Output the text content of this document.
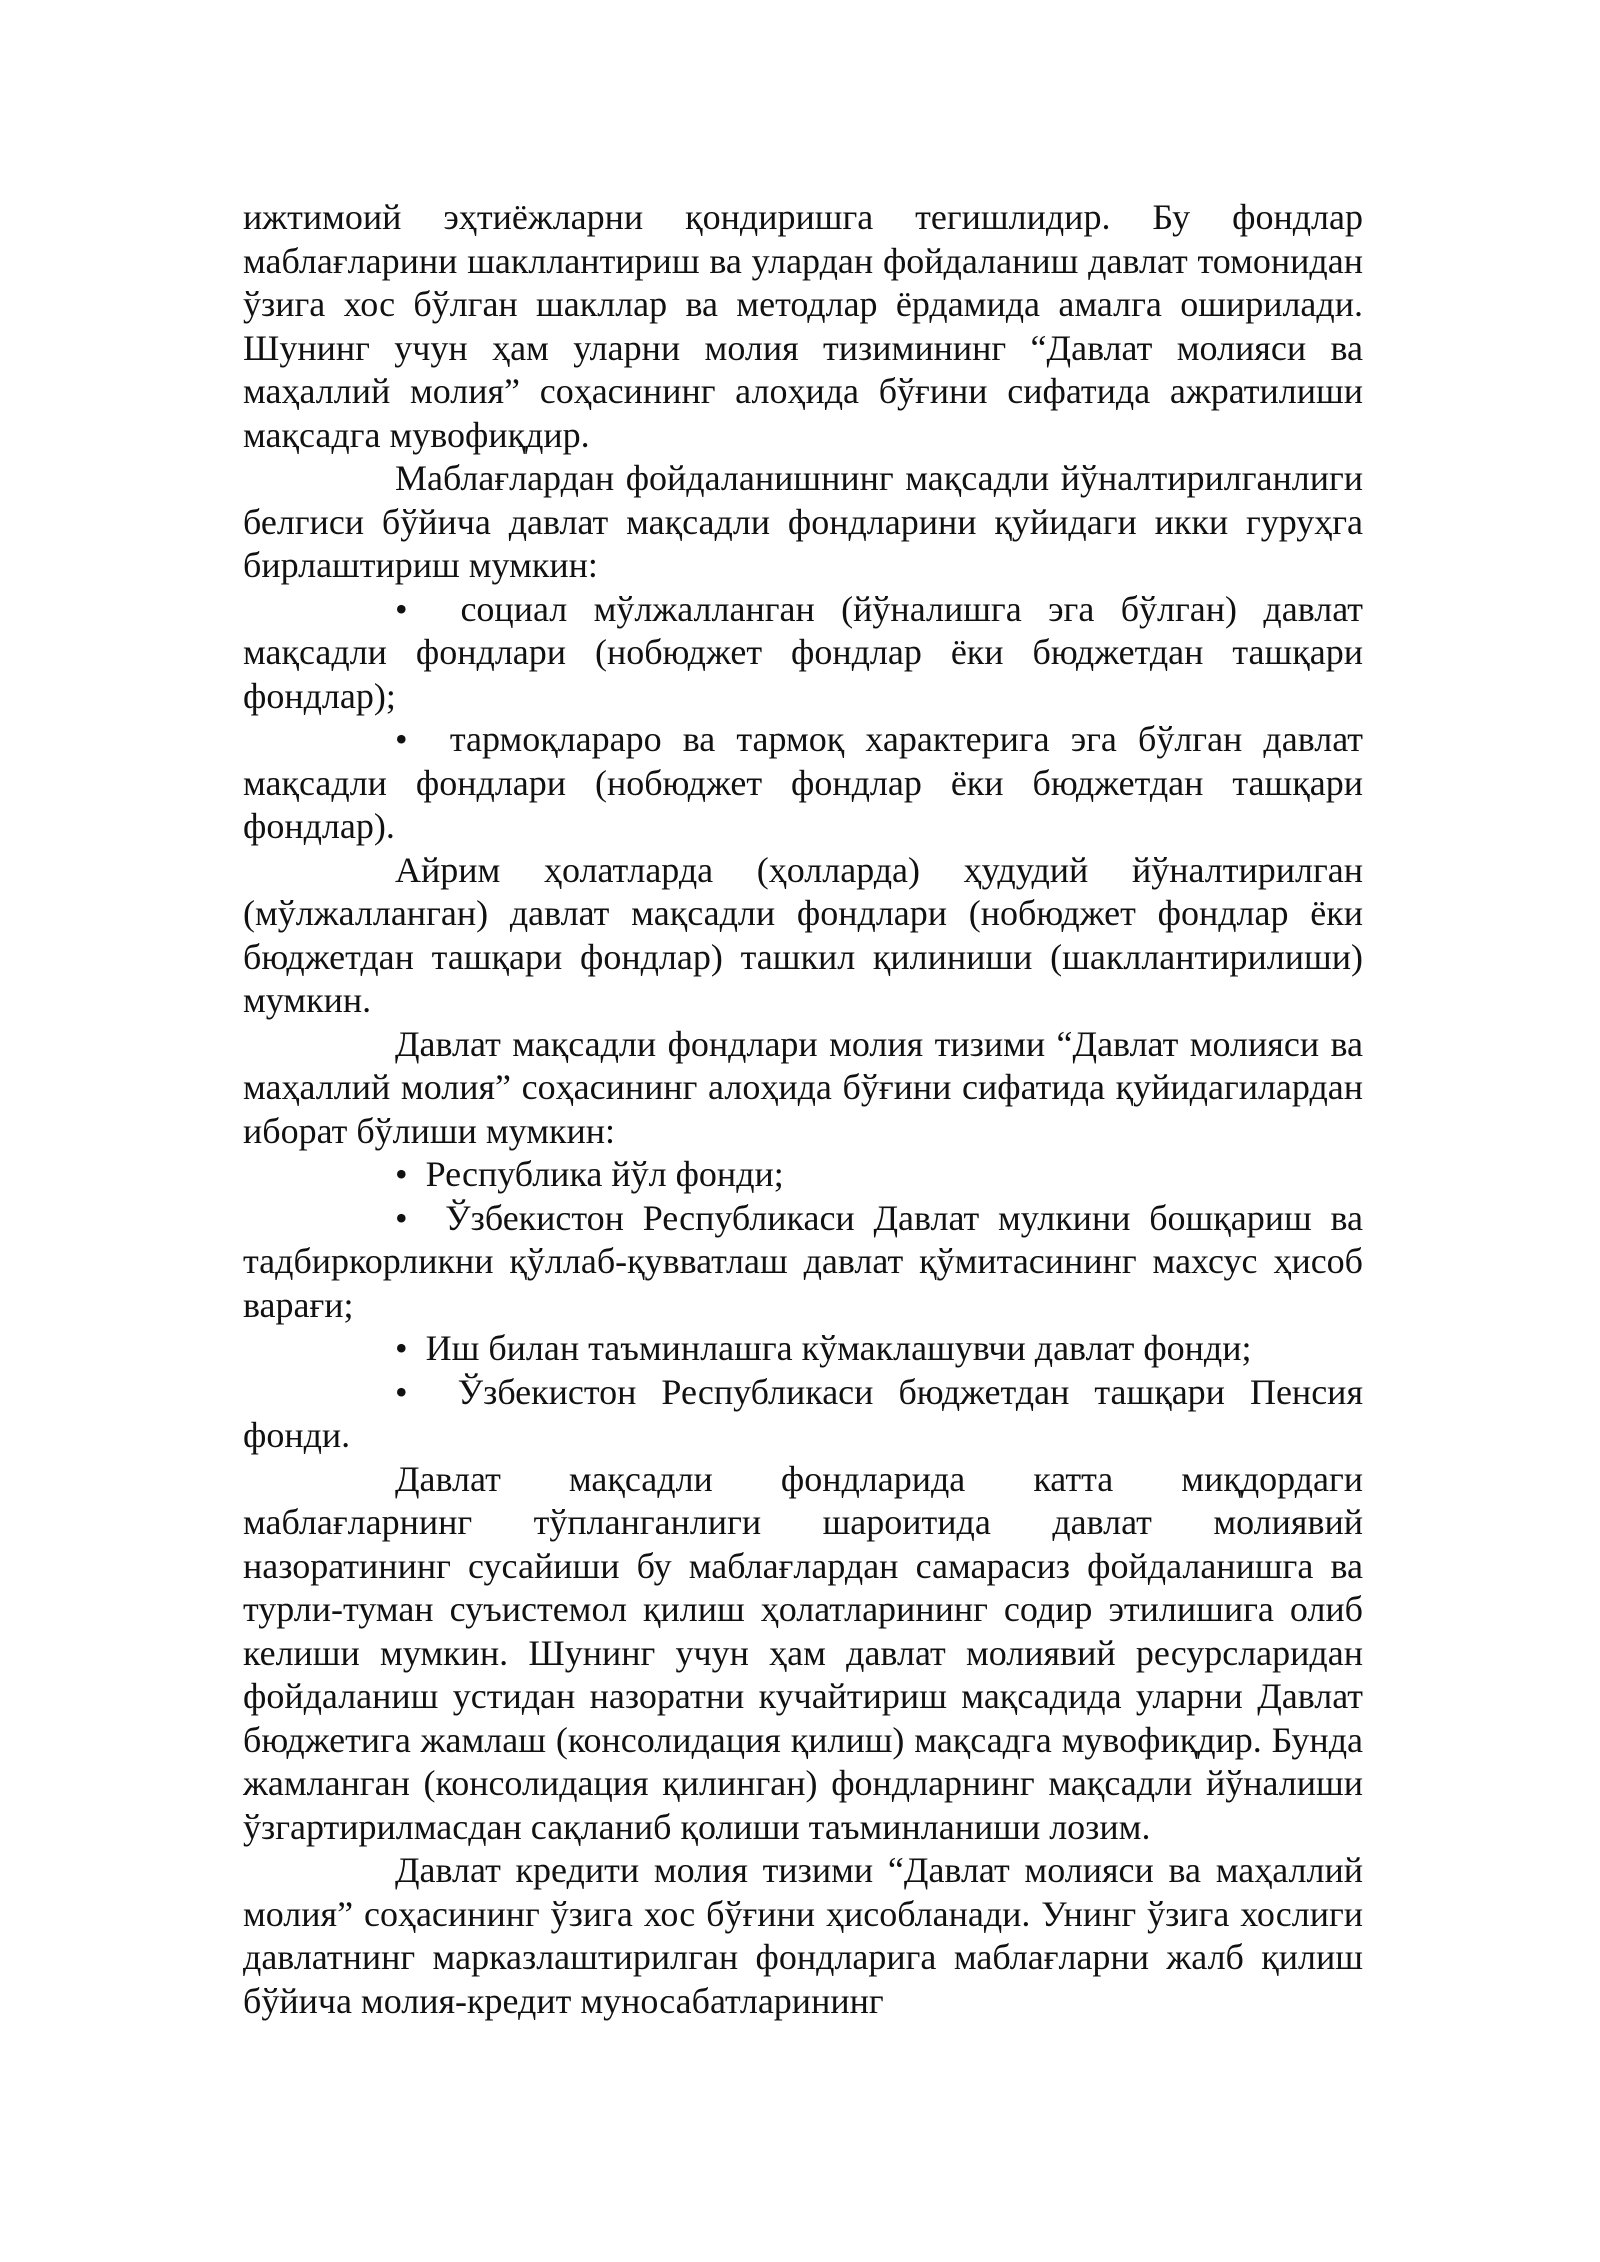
ижтимоий эҳтиёжларни қондиришга тегишлидир. Бу фондлар маблағларини шакллантириш ва улардан фойдаланиш давлат томонидан ўзига хос бўлган шакллар ва методлар ёрдамида амалга оширилади. Шунинг учун ҳам уларни молия тизимининг “Давлат молияси ва маҳаллий молия” соҳасининг алоҳида бўғини сифатида ажратилиши мақсадга мувофиқдир.

Маблағлардан фойдаланишнинг мақсадли йўналтирилганлиги белгиси бўйича давлат мақсадли фондларини қуйидаги икки гуруҳга бирлаштириш мумкин:

•  социал мўлжалланган (йўналишга эга бўлган) давлат мақсадли фондлари (нобюджет фондлар ёки бюджетдан ташқари фондлар);

•  тармоқлараро ва тармоқ характерига эга бўлган давлат мақсадли фондлари (нобюджет фондлар ёки бюджетдан ташқари фондлар).

Айрим ҳолатларда (ҳолларда) ҳудудий йўналтирилган (мўлжалланган) давлат мақсадли фондлари (нобюджет фондлар ёки бюджетдан ташқари фондлар) ташкил қилиниши (шакллантирилиши) мумкин.

Давлат мақсадли фондлари молия тизими “Давлат молияси ва маҳаллий молия” соҳасининг алоҳида бўғини сифатида қуйидагилардан иборат бўлиши мумкин:

•  Республика йўл фонди;

•  Ўзбекистон Республикаси Давлат мулкини бошқариш ва тадбиркорликни қўллаб-қувватлаш давлат қўмитасининг махсус ҳисоб варағи;

•  Иш билан таъминлашга кўмаклашувчи давлат фонди;

•  Ўзбекистон Республикаси бюджетдан ташқари Пенсия фонди.

Давлат мақсадли фондларида катта миқдордаги маблағларнинг тўпланганлиги шароитида давлат молиявий назоратининг сусайиши бу маблағлардан самарасиз фойдаланишга ва турли-туман суъистемол қилиш ҳолатларининг содир этилишига олиб келиши мумкин. Шунинг учун ҳам давлат молиявий ресурсларидан фойдаланиш устидан назоратни кучайтириш мақсадида уларни Давлат бюджетига жамлаш (консолидация қилиш) мақсадга мувофиқдир. Бунда жамланган (консолидация қилинган) фондларнинг мақсадли йўналиши ўзгартирилмасдан сақланиб қолиши таъминланиши лозим.

Давлат кредити молия тизими “Давлат молияси ва маҳаллий молия” соҳасининг ўзига хос бўғини ҳисобланади. Унинг ўзига хослиги давлатнинг марказлаштирилган фондларига маблағларни жалб қилиш бўйича молия-кредит муносабатларининг
